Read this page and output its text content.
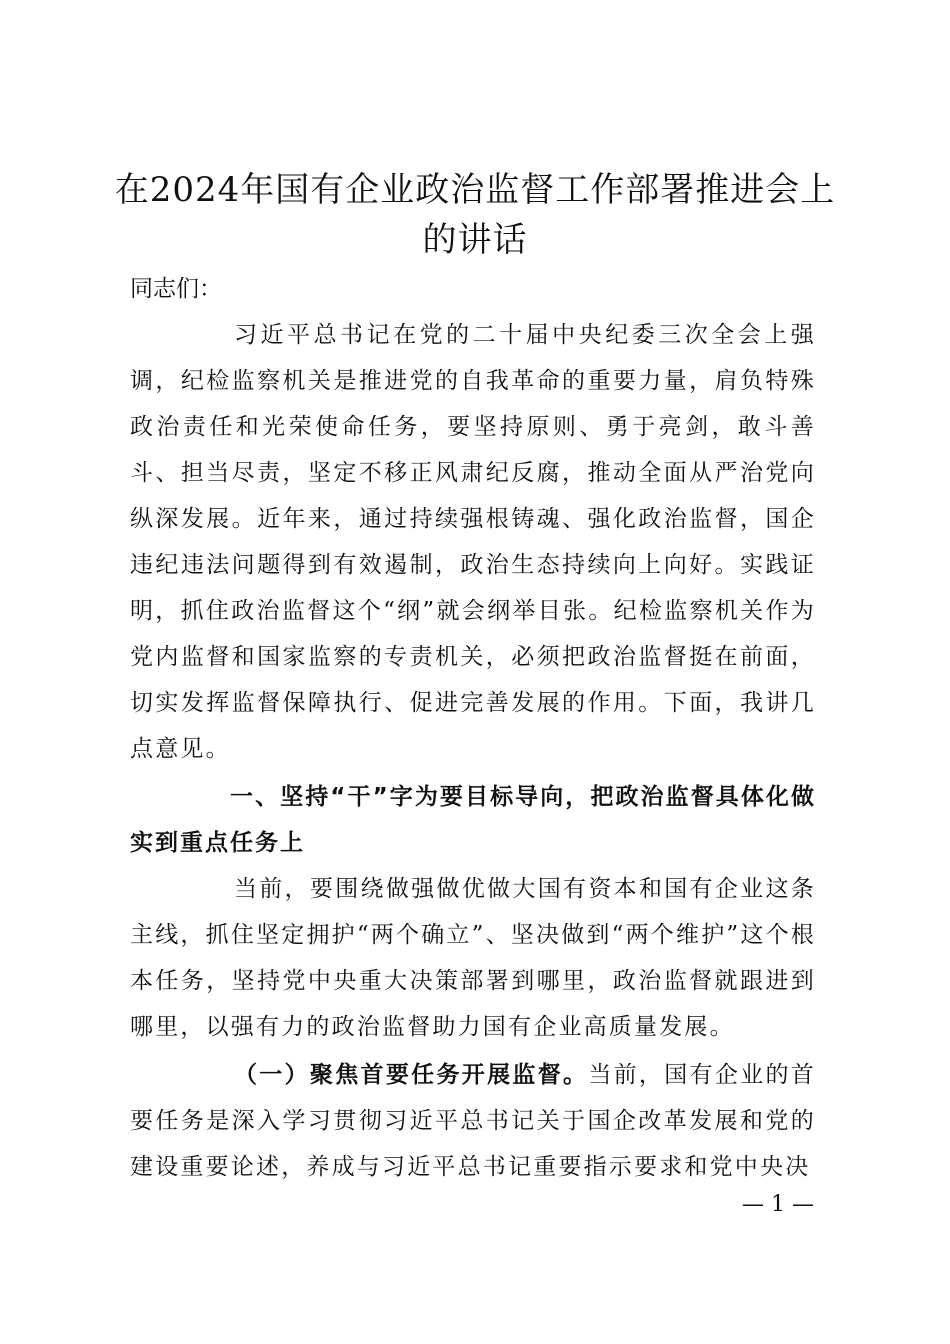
在2024年国有企业政治监督工作部署推进会上的讲话

同志们：

习近平总书记在党的二十届中央纪委三次全会上强调，纪检监察机关是推进党的自我革命的重要力量，肩负特殊政治责任和光荣使命任务，要坚持原则、勇于亮剑，敢斗善斗、担当尽责，坚定不移正风肃纪反腐，推动全面从严治党向纵深发展。近年来，通过持续强根铸魂、强化政治监督，国企违纪违法问题得到有效遏制，政治生态持续向上向好。实践证明，抓住政治监督这个“纲”就会纲举目张。纪检监察机关作为党内监督和国家监察的专责机关，必须把政治监督挺在前面，切实发挥监督保障执行、促进完善发展的作用。下面，我讲几点意见。

一、坚持“干”字为要目标导向，把政治监督具体化做实到重点任务上

当前，要围绕做强做优做大国有资本和国有企业这条主线，抓住坚定拥护“两个确立”、坚决做到“两个维护”这个根本任务，坚持党中央重大决策部署到哪里，政治监督就跟进到哪里，以强有力的政治监督助力国有企业高质量发展。

（一）聚焦首要任务开展监督。当前，国有企业的首要任务是深入学习贯彻习近平总书记关于国企改革发展和党的建设重要论述，养成与习近平总书记重要指示要求和党中央决

— 1 —
